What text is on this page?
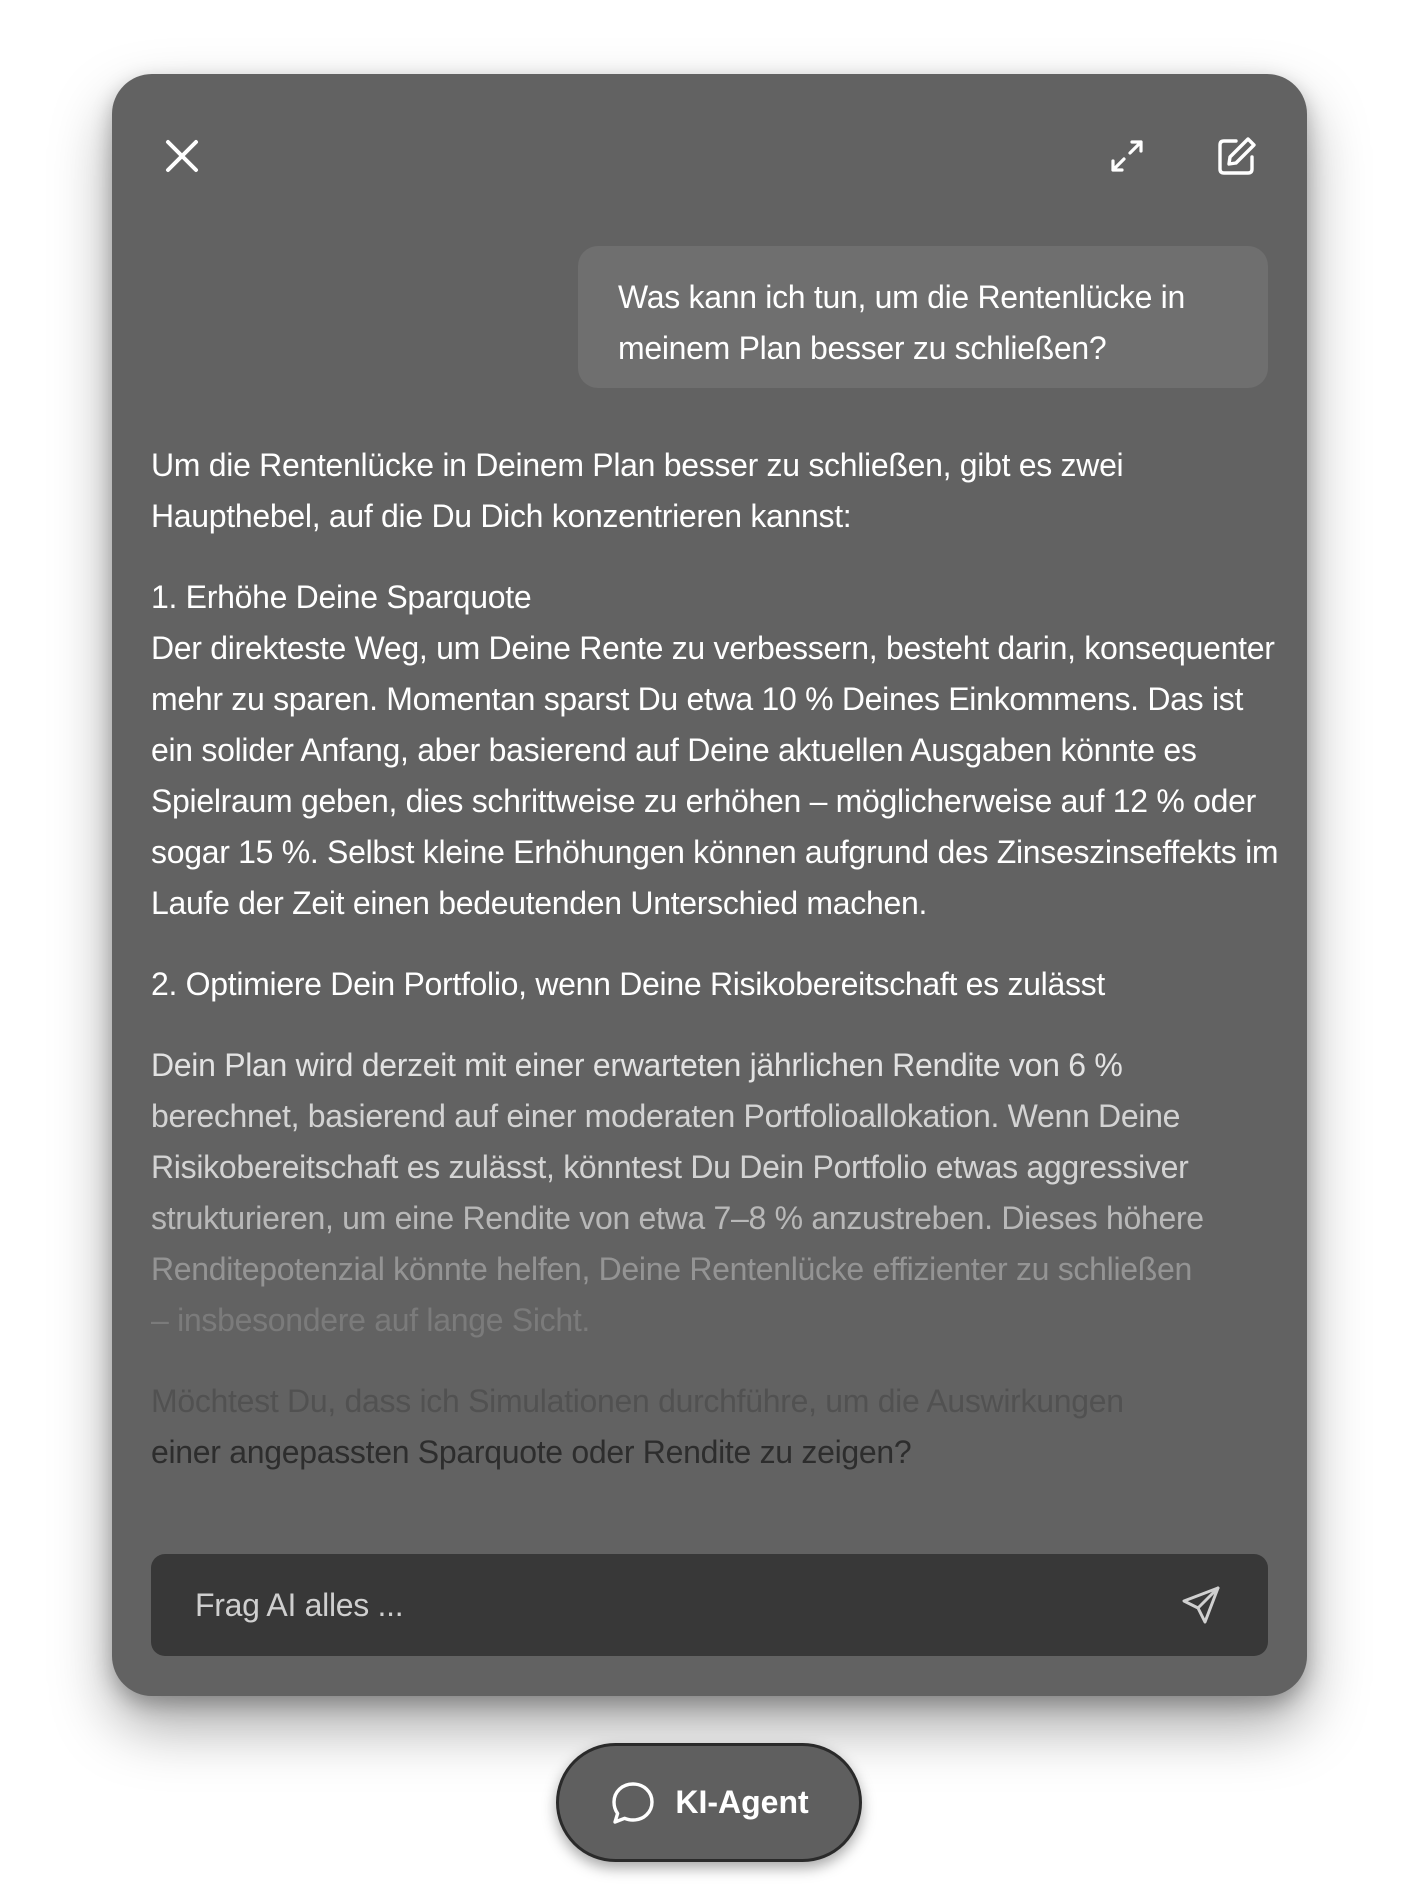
Was kann ich tun, um die Rentenlücke in meinem Plan besser zu schließen?

Um die Rentenlücke in Deinem Plan besser zu schließen, gibt es zwei Haupthebel, auf die Du Dich konzentrieren kannst:

1. Erhöhe Deine Sparquote

Der direkteste Weg, um Deine Rente zu verbessern, besteht darin, konsequenter mehr zu sparen. Momentan sparst Du etwa 10 % Deines Einkommens. Das ist ein solider Anfang, aber basierend auf Deine aktuellen Ausgaben könnte es Spielraum geben, dies schrittweise zu erhöhen – möglicherweise auf 12 % oder sogar 15 %. Selbst kleine Erhöhungen können aufgrund des Zinseszinseffekts im Laufe der Zeit einen bedeutenden Unterschied machen.

2. Optimiere Dein Portfolio, wenn Deine Risikobereitschaft es zulässt

Dein Plan wird derzeit mit einer erwarteten jährlichen Rendite von 6 %
berechnet, basierend auf einer moderaten Portfolioallokation. Wenn Deine
Risikobereitschaft es zulässt, könntest Du Dein Portfolio etwas aggressiver
strukturieren, um eine Rendite von etwa 7–8 % anzustreben. Dieses höhere
Renditepotenzial könnte helfen, Deine Rentenlücke effizienter zu schließen
– insbesondere auf lange Sicht.

Möchtest Du, dass ich Simulationen durchführe, um die Auswirkungen
einer angepassten Sparquote oder Rendite zu zeigen?

Frag AI alles ...
KI-Agent
